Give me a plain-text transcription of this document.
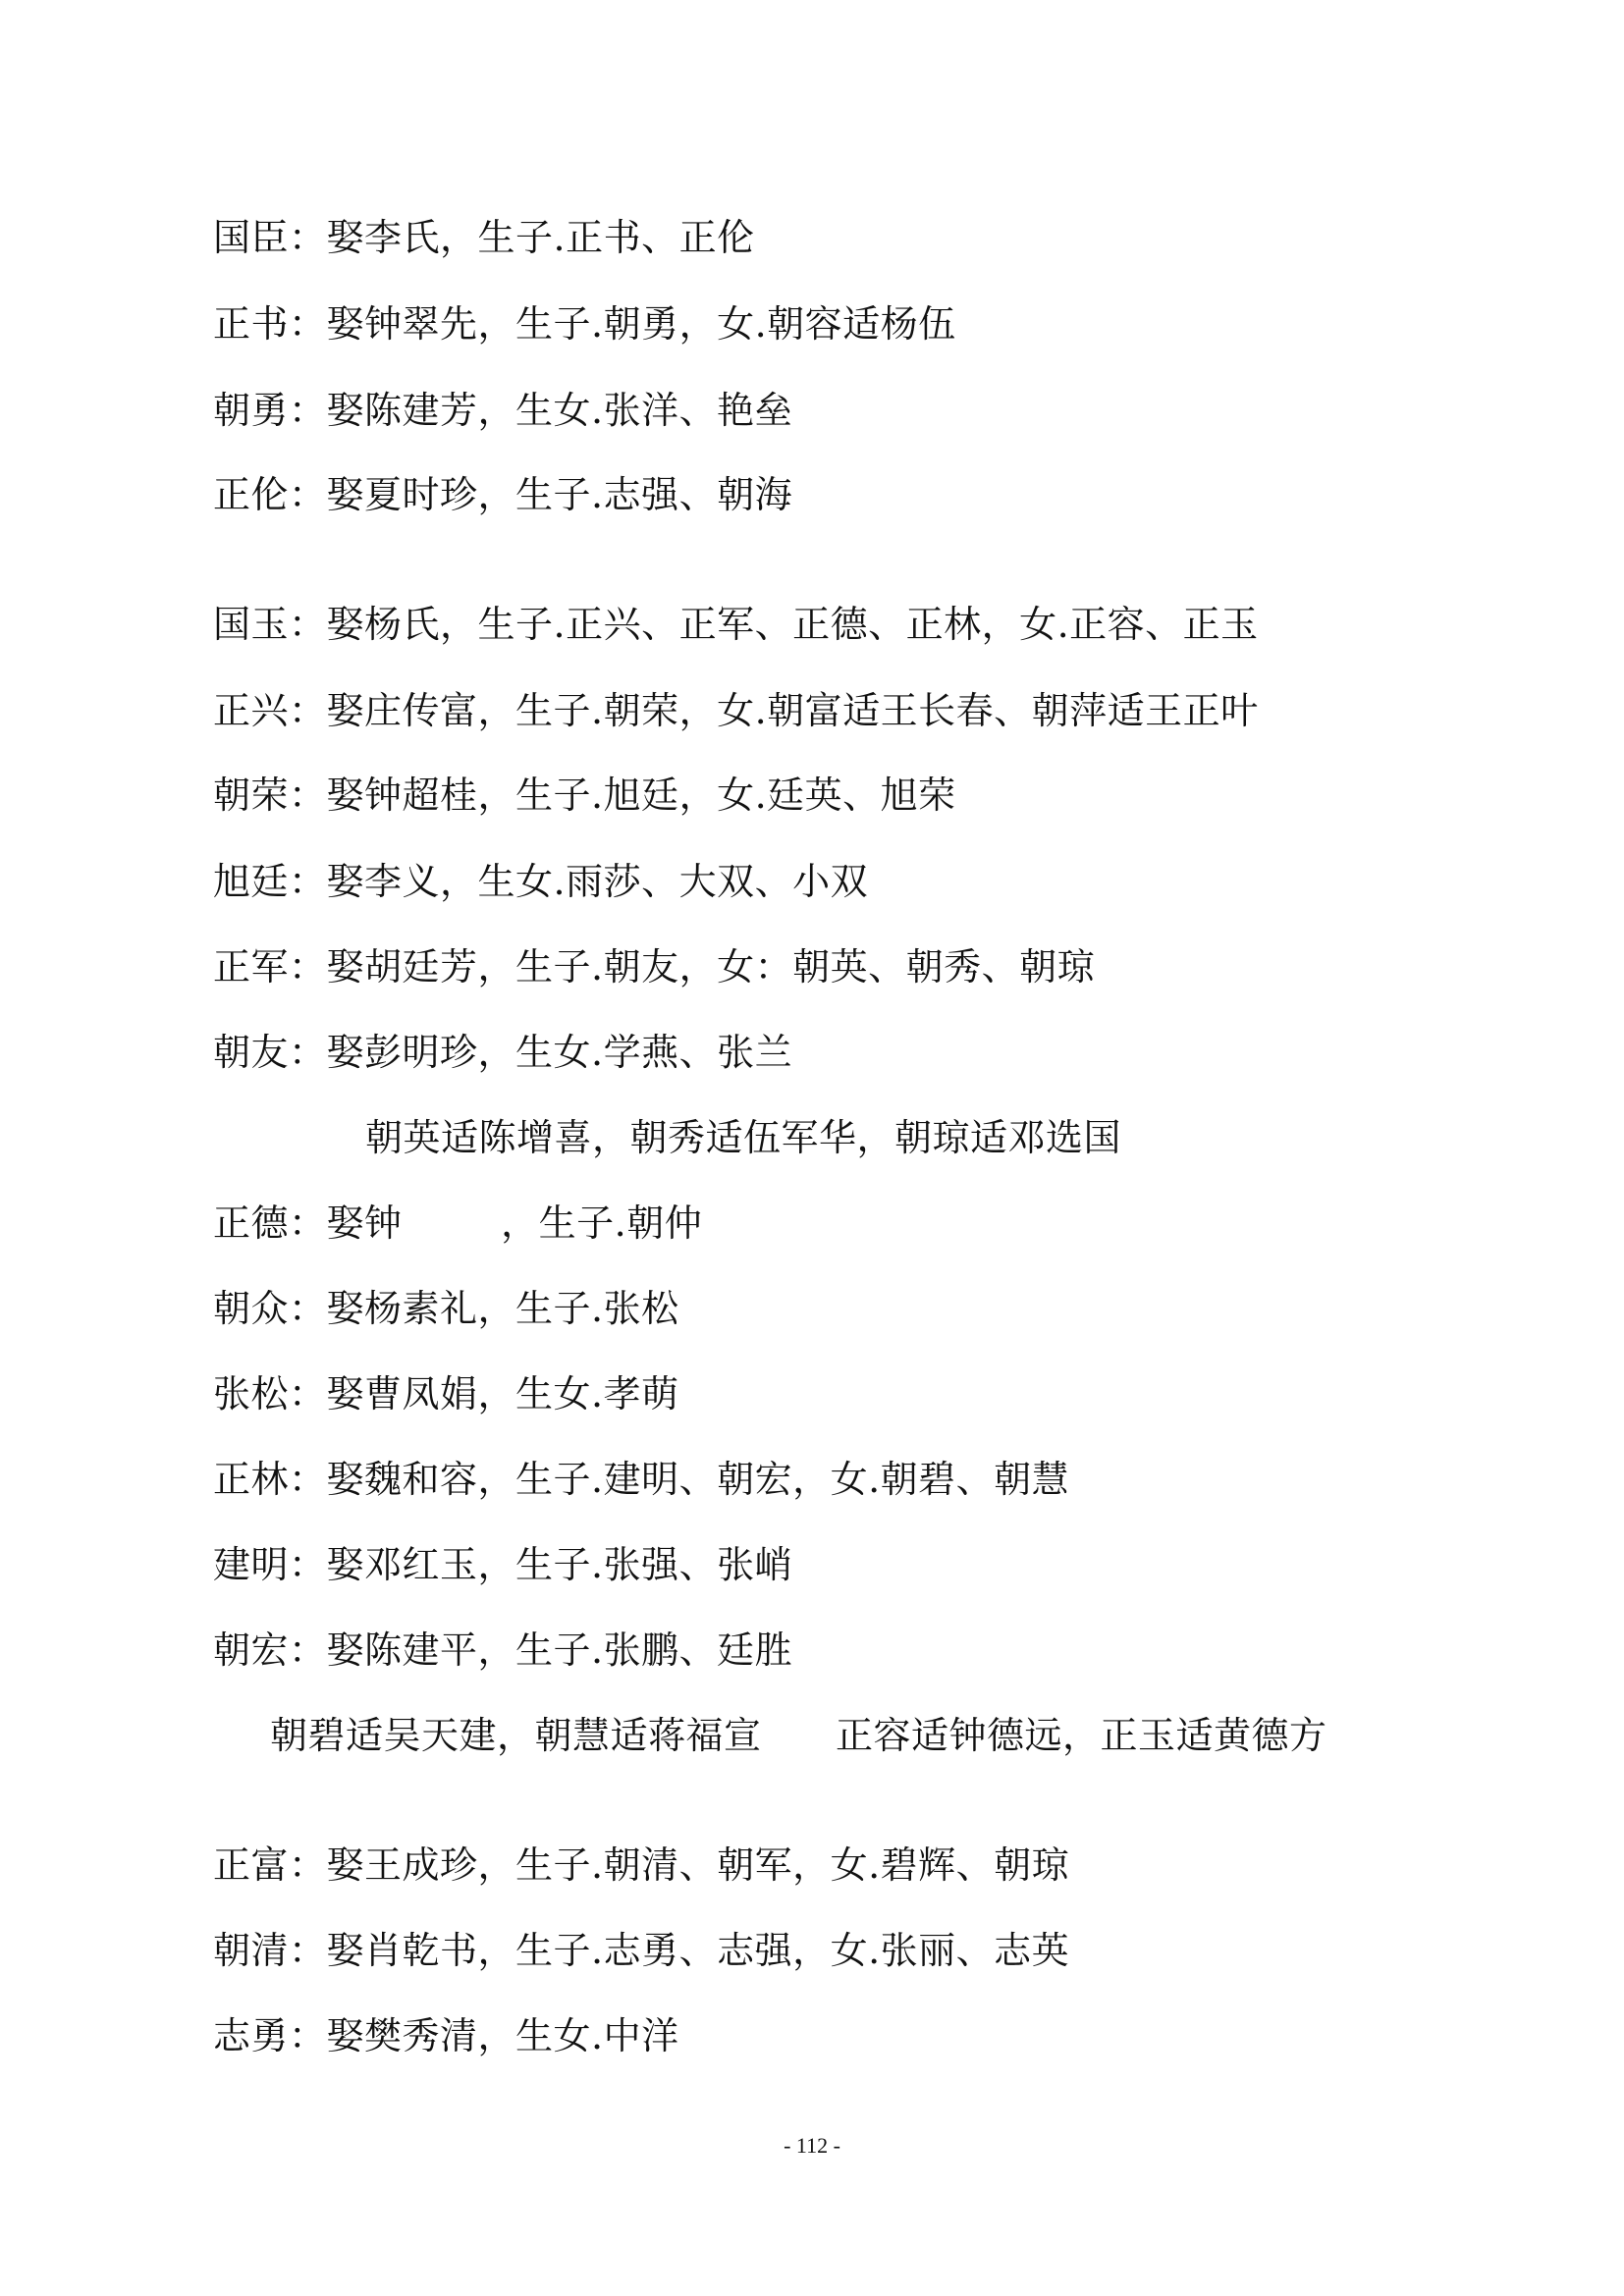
国臣：娶李氏，生子.正书、正伦
正书：娶钟翠先，生子.朝勇，女.朝容适杨伍
朝勇：娶陈建芳，生女.张洋、艳垒
正伦：娶夏时珍，生子.志强、朝海
国玉：娶杨氏，生子.正兴、正军、正德、正林，女.正容、正玉
正兴：娶庄传富，生子.朝荣，女.朝富适王长春、朝萍适王正叶
朝荣：娶钟超桂，生子.旭廷，女.廷英、旭荣
旭廷：娶李义，生女.雨莎、大双、小双
正军：娶胡廷芳，生子.朝友，女：朝英、朝秀、朝琼
朝友：娶彭明珍，生女.学燕、张兰
朝英适陈增喜，朝秀适伍军华，朝琼适邓选国
正德：娶钟        ，生子.朝仲
朝众：娶杨素礼，生子.张松
张松：娶曹凤娟，生女.孝萌
正林：娶魏和容，生子.建明、朝宏，女.朝碧、朝慧
建明：娶邓红玉，生子.张强、张峭
朝宏：娶陈建平，生子.张鹏、廷胜
朝碧适吴天建，朝慧适蒋福宣      正容适钟德远，正玉适黄德方
正富：娶王成珍，生子.朝清、朝军，女.碧辉、朝琼
朝清：娶肖乾书，生子.志勇、志强，女.张丽、志英
志勇：娶樊秀清，生女.中洋
- 112 -
